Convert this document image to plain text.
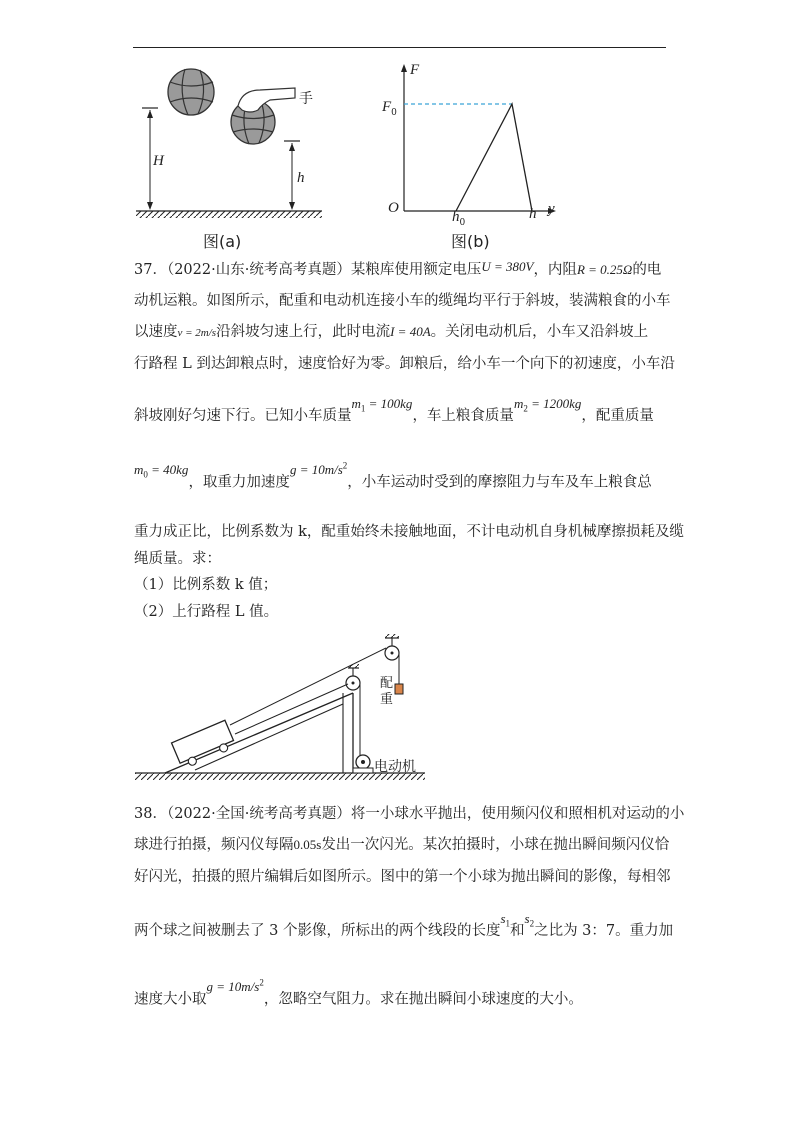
手
H
h
图(a)
F
$F_0$
O
$h_0$
h y
图(b)
37．（2022·山东·统考高考真题）某粮库使用额定电压U = 380V，内阻R = 0.25Ω的电
动机运粮。如图所示，配重和电动机连接小车的缆绳均平行于斜坡，装满粮食的小车
以速度v = 2m/s沿斜坡匀速上行，此时电流I = 40A。关闭电动机后，小车又沿斜坡上
行路程 L 到达卸粮点时，速度恰好为零。卸粮后，给小车一个向下的初速度，小车沿
斜坡刚好匀速下行。已知小车质量$m_1 = 100kg$，车上粮食质量$m_2 = 1200kg$，配重质量
$m_0 = 40kg$，取重力加速度$g = 10m/s^2$，小车运动时受到的摩擦阻力与车及车上粮食总
重力成正比，比例系数为 k，配重始终未接触地面，不计电动机自身机械摩擦损耗及缆
绳质量。求：
（1）比例系数 k 值；
（2）上行路程 L 值。
配
重
电动机
38．（2022·全国·统考高考真题）将一小球水平抛出，使用频闪仪和照相机对运动的小
球进行拍摄，频闪仪每隔0.05s发出一次闪光。某次拍摄时，小球在抛出瞬间频闪仪恰
好闪光，拍摄的照片编辑后如图所示。图中的第一个小球为抛出瞬间的影像，每相邻
两个球之间被删去了 3 个影像，所标出的两个线段的长度$s_1$和$s_2$之比为 3：7。重力加
速度大小取$g = 10m/s^2$，忽略空气阻力。求在抛出瞬间小球速度的大小。
